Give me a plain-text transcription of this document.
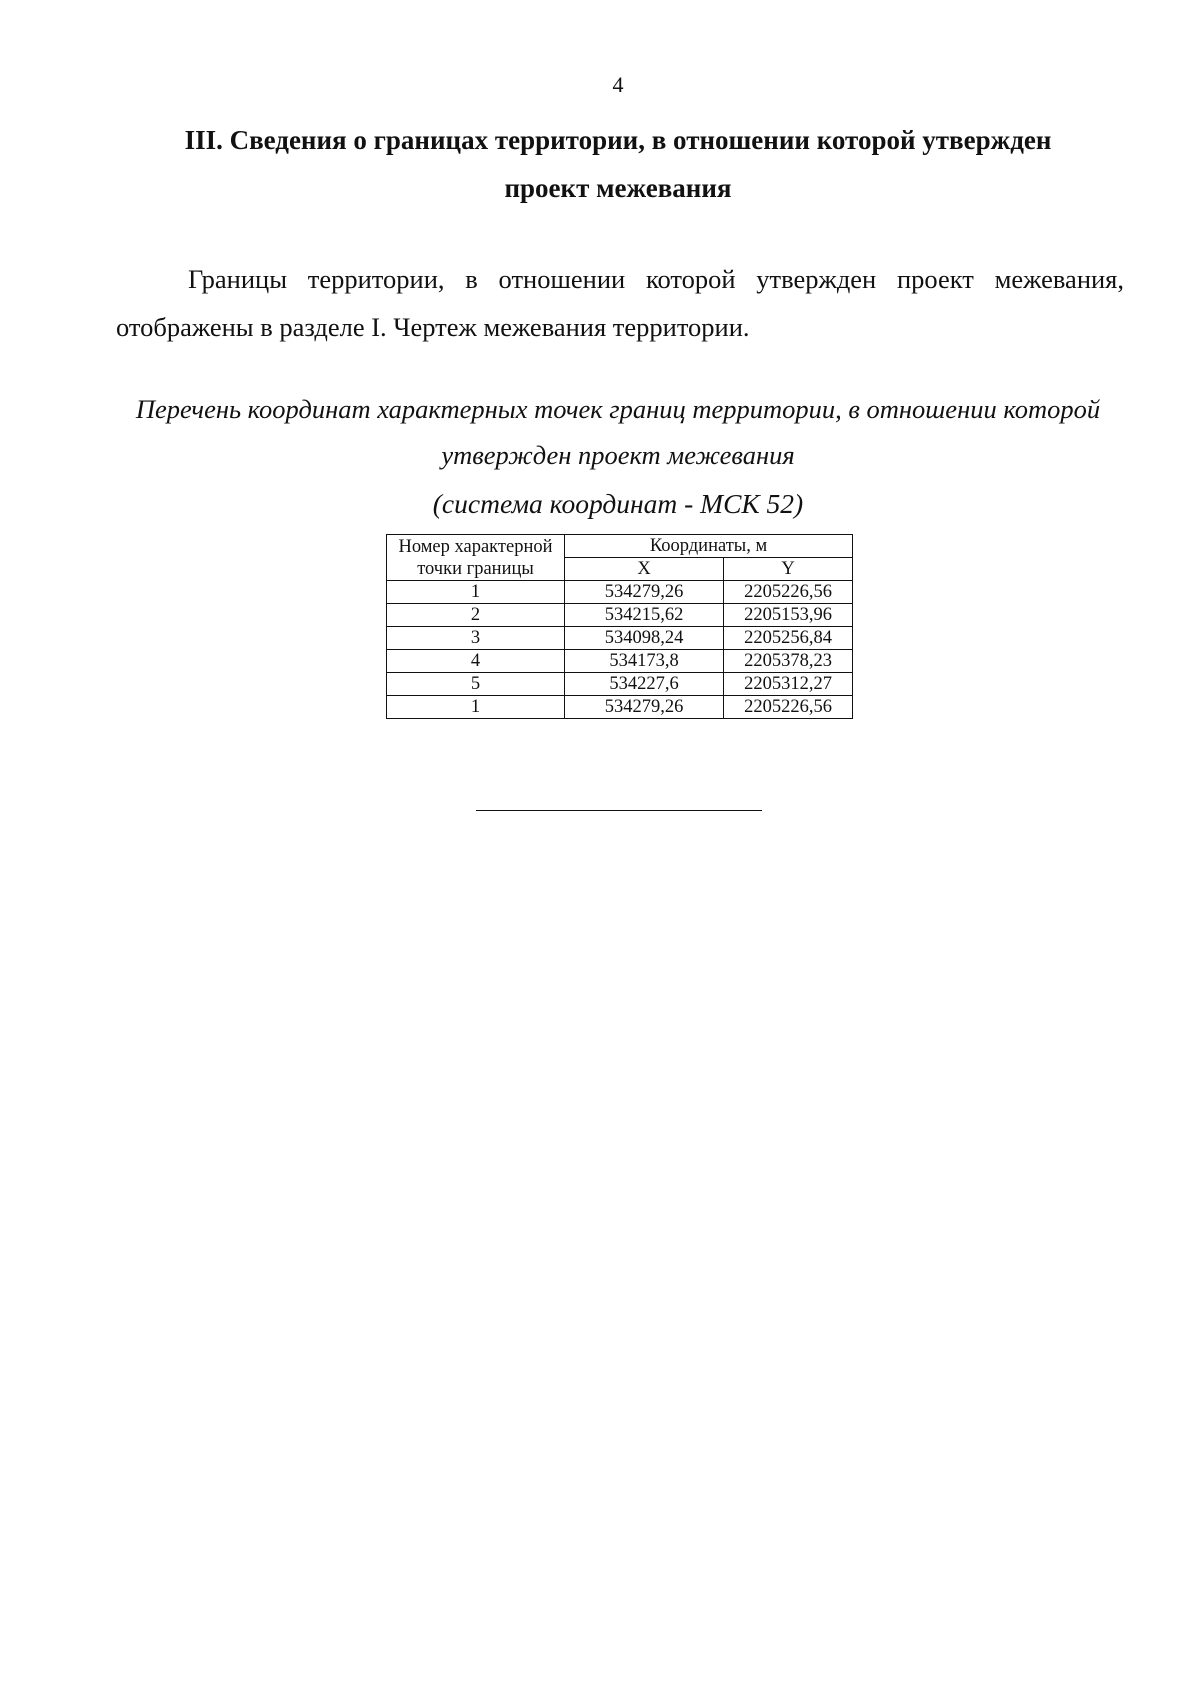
4
III. Сведения о границах территории, в отношении которой утвержден проект межевания

Границы территории, в отношении которой утвержден проект межевания, отображены в разделе I. Чертеж межевания территории.

Перечень координат характерных точек границ территории, в отношении которой утвержден проект межевания

(система координат - МСК 52)

Номер характерной точки границы	Координаты, м	
	X	Y
1	534279,26	2205226,56
2	534215,62	2205153,96
3	534098,24	2205256,84
4	534173,8	2205378,23
5	534227,6	2205312,27
1	534279,26	2205226,56
